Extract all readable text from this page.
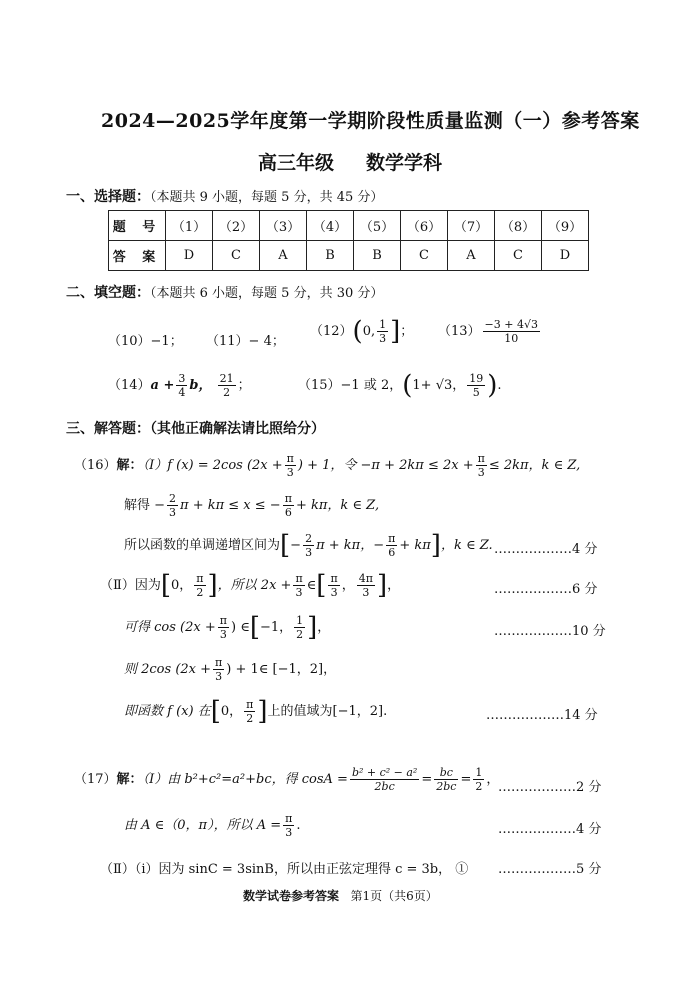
2024—2025学年度第一学期阶段性质量监测（一）参考答案
高三年级 数学学科
一、选择题：（本题共 9 小题，每题 5 分，共 45 分）
题 号	（1）	（2）	（3）	（4）	（5）	（6）	（7）	（8）	（9）
答 案	D	C	A	B	B	C	A	C	D
二、填空题：（本题共 6 小题，每题 5 分，共 30 分）
（10）−1； （11）− 4；
（12）(0, $\frac{1}{3}$ ]； $(13) \frac{-3 + 4√3}{10}$
$(14)a + \frac{3}{4}$ b， $\frac{21}{2}$ ；	（15）−1 或 2，(1+ √3， $\frac{19}{5}$ ).
三、解答题：（其他正确解法请比照给分）
（16）解：（Ⅰ）f (x) = 2cos ($2x + \frac{\pi}{3}$ ) + 1，令 $-\pi + 2k\pi \le 2x + \frac{\pi}{3} \le 2k\pi$，k ∈ Z,
解得 − $\frac{2}{3}$ π + kπ ≤ x ≤ − $\frac{\pi}{6} + k\pi$，k ∈ Z,
所以函数的单调递增区间为[− $\frac{2}{3}$ π + kπ，− $\frac{\pi}{6} + k\pi$]，k ∈ Z. ………………4 分
（Ⅱ）因为[0， $\frac{\pi}{2}$ ]，所以 $2x + \frac{\pi}{3}$ ∈[ $\frac{\pi}{3}$ ， $\frac{4\pi}{3}$ ]，	………………6 分
可得 $\cos (2x + \frac{\pi}{3}$ ) ∈[−1， $\frac{1}{2}$ ]，	………………10 分
则 2cos ($2x + \frac{\pi}{3}$ ) + 1∈ [−1，2]，
即函数 f (x) 在[0， $\frac{\pi}{2}$ ]上的值域为[−1，2].	………………14 分
（17）解：（Ⅰ）由 b²+c²=a²+bc，得 $\cos A = \frac{\text{b² + c² − a²}}{2bc} = \frac{bc}{2bc} = \frac{1}{2}$ ，
………………2 分
由 A ∈（0，π），所以 $A = \frac{\pi}{3}$ .	………………4 分
（Ⅱ）（ⅰ）因为 sinC = 3sinB，所以由正弦定理得 c = 3b， ① ………………5 分
数学试卷参考答案 第1页（共6页）
